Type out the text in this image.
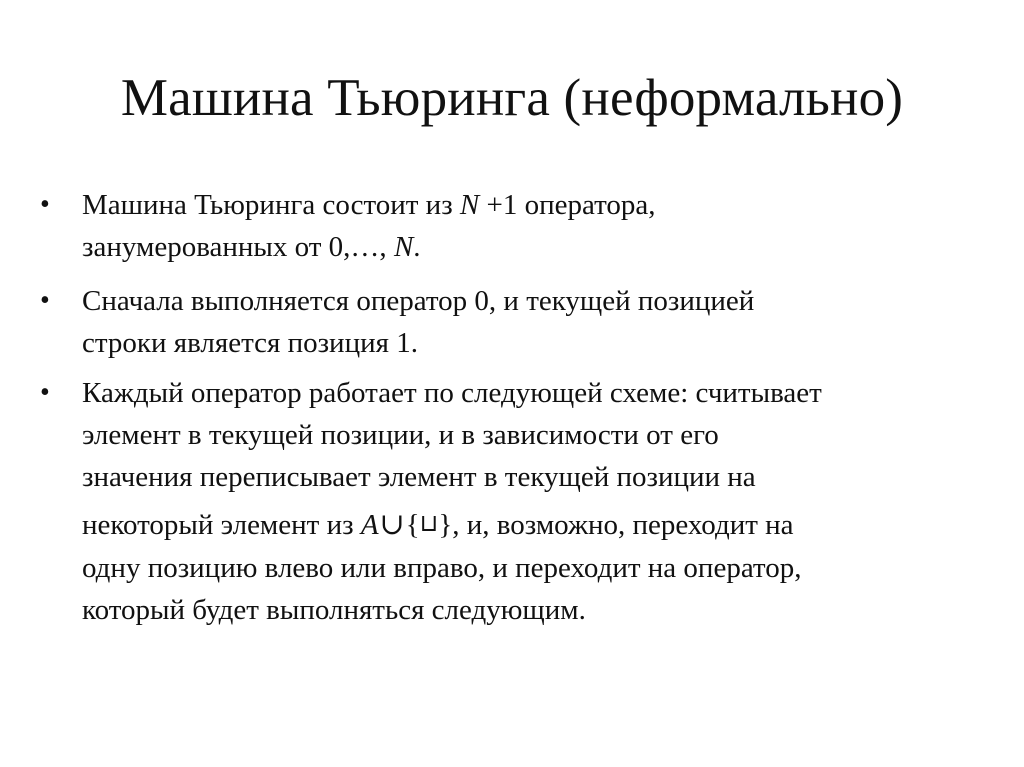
Машина Тьюринга (неформально)
• Машина Тьюринга состоит из N +1 оператора,
занумерованных от 0,…, N.
• Сначала выполняется оператор 0, и текущей позицией
строки является позиция 1.
• Каждый оператор работает по следующей схеме: считывает
элемент в текущей позиции, и в зависимости от его
значения переписывает элемент в текущей позиции на
некоторый элемент из A∪{⊔}, и, возможно, переходит на
одну позицию влево или вправо, и переходит на оператор,
который будет выполняться следующим.
